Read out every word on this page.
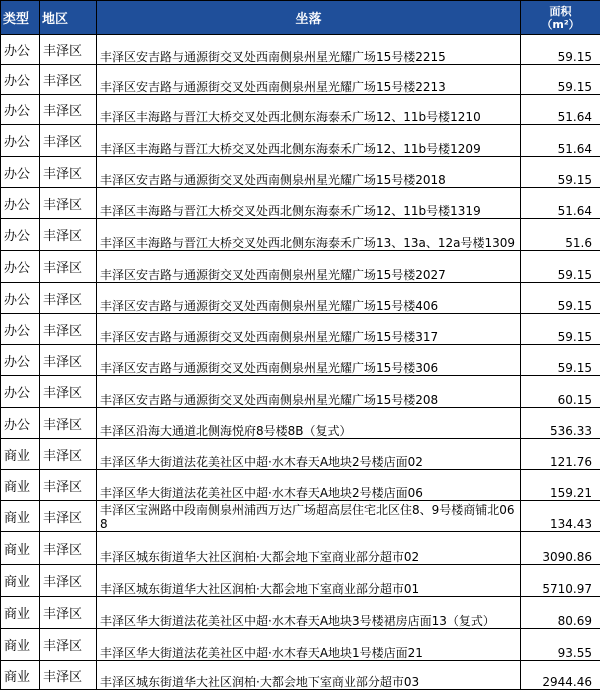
类型	地区	坐落	面积
（m²）

办公	丰泽区	丰泽区安吉路与通源街交叉处西南侧泉州星光耀广场15号楼2215	59.15
办公	丰泽区	丰泽区安吉路与通源街交叉处西南侧泉州星光耀广场15号楼2213	59.15
办公	丰泽区	丰泽区丰海路与晋江大桥交叉处西北侧东海泰禾广场12、11b号楼1210	51.64
办公	丰泽区	丰泽区丰海路与晋江大桥交叉处西北侧东海泰禾广场12、11b号楼1209	51.64
办公	丰泽区	丰泽区安吉路与通源街交叉处西南侧泉州星光耀广场15号楼2018	59.15
办公	丰泽区	丰泽区丰海路与晋江大桥交叉处西北侧东海泰禾广场12、11b号楼1319	51.64
办公	丰泽区	丰泽区丰海路与晋江大桥交叉处西北侧东海泰禾广场13、13a、12a号楼1309	51.6
办公	丰泽区	丰泽区安吉路与通源街交叉处西南侧泉州星光耀广场15号楼2027	59.15
办公	丰泽区	丰泽区安吉路与通源街交叉处西南侧泉州星光耀广场15号楼406	59.15
办公	丰泽区	丰泽区安吉路与通源街交叉处西南侧泉州星光耀广场15号楼317	59.15
办公	丰泽区	丰泽区安吉路与通源街交叉处西南侧泉州星光耀广场15号楼306	59.15
办公	丰泽区	丰泽区安吉路与通源街交叉处西南侧泉州星光耀广场15号楼208	60.15
办公	丰泽区	丰泽区沿海大通道北侧海悦府8号楼8B（复式）	536.33
商业	丰泽区	丰泽区华大街道法花美社区中超·水木春天A地块2号楼店面02	121.76
商业	丰泽区	丰泽区华大街道法花美社区中超·水木春天A地块2号楼店面06	159.21
商业	丰泽区	丰泽区宝洲路中段南侧泉州浦西万达广场超高层住宅北区住8、9号楼商铺北068	134.43
商业	丰泽区	丰泽区城东街道华大社区润柏·大都会地下室商业部分超市02	3090.86
商业	丰泽区	丰泽区城东街道华大社区润柏·大都会地下室商业部分超市01	5710.97
商业	丰泽区	丰泽区华大街道法花美社区中超·水木春天A地块3号楼裙房店面13（复式）	80.69
商业	丰泽区	丰泽区华大街道法花美社区中超·水木春天A地块1号楼店面21	93.55
商业	丰泽区	丰泽区城东街道华大社区润柏·大都会地下室商业部分超市03	2944.46
